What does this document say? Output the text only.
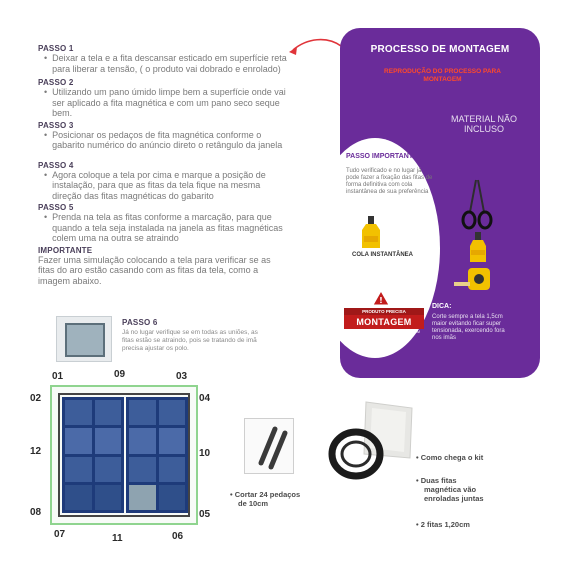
PASSO 1
• Deixar a tela e a fita descansar esticado em superfície reta
para liberar a tensão, ( o produto vai dobrado e enrolado)
PASSO 2
• Utilizando um pano úmido limpe bem a superfície onde vai
ser aplicado a fita magnética e com um pano seco seque
bem.
PASSO 3
• Posicionar os pedaços de fita magnética conforme o
gabarito numérico do anúncio direto o retângulo da janela
PASSO 4
• Agora coloque a tela por cima e marque a posição de
instalação, para que as fitas da tela fique na mesma
direção das fitas magnéticas do gabarito
PASSO 5
• Prenda na tela as fitas conforme a marcação, para que
quando a tela seja instalada na janela as fitas magnéticas
colem uma na outra se atraindo
IMPORTANTE
Fazer uma simulação colocando a tela para verificar se as
fitas do aro estão casando com as fitas da tela, como a
imagem abaixo.
PROCESSO DE MONTAGEM
REPRODUÇÃO DO PROCESSO PARA MONTAGEM
MATERIAL NÃO INCLUSO
PASSO IMPORTANTE
Tudo verificado e no lugar já pode fazer a fixação das fitas de forma definitiva com cola instantânea de sua preferência
COLA INSTANTÂNEA
!
PRODUTO PRECISA
MONTAGEM
SIGA PARA MONTAGEM E INSTALAÇÃO EM CORTE
DICA:
Corte sempre a tela 1,5cm maior evitando ficar super tensionada, exercendo fora nos imãs
PASSO 6
Já no lugar verifique se em todas as uniões, as
fitas estão se atraindo, pois se tratando de imã
precisa ajustar os polo.
01	09	03
02	04
12	10
08	05
07	11	06
• Cortar 24 pedaços
de 10cm
• Como chega o kit
• Duas fitas
magnética vão
enroladas juntas
• 2 fitas 1,20cm
